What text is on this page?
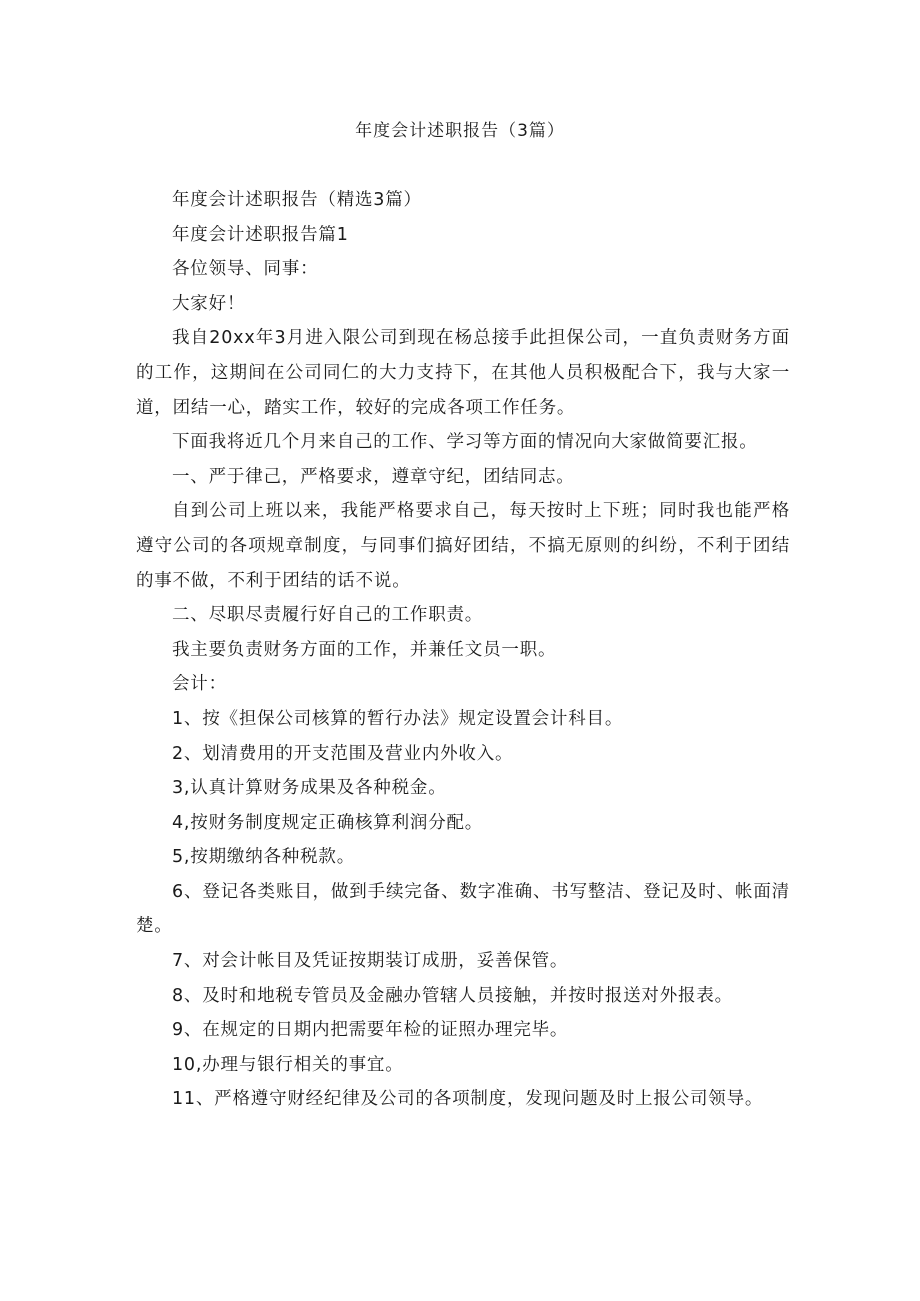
年度会计述职报告（3篇）

年度会计述职报告（精选3篇）

年度会计述职报告篇1

各位领导、同事：

大家好！

我自20xx年3月进入限公司到现在杨总接手此担保公司，一直负责财务方面的工作，这期间在公司同仁的大力支持下，在其他人员积极配合下，我与大家一道，团结一心，踏实工作，较好的完成各项工作任务。

下面我将近几个月来自己的工作、学习等方面的情况向大家做简要汇报。

一、严于律己，严格要求，遵章守纪，团结同志。

自到公司上班以来，我能严格要求自己，每天按时上下班；同时我也能严格遵守公司的各项规章制度，与同事们搞好团结，不搞无原则的纠纷，不利于团结的事不做，不利于团结的话不说。

二、尽职尽责履行好自己的工作职责。

我主要负责财务方面的工作，并兼任文员一职。

会计：

1、按《担保公司核算的暂行办法》规定设置会计科目。

2、划清费用的开支范围及营业内外收入。

3,认真计算财务成果及各种税金。

4,按财务制度规定正确核算利润分配。

5,按期缴纳各种税款。

6、登记各类账目，做到手续完备、数字准确、书写整洁、登记及时、帐面清楚。

7、对会计帐目及凭证按期装订成册，妥善保管。

8、及时和地税专管员及金融办管辖人员接触，并按时报送对外报表。

9、在规定的日期内把需要年检的证照办理完毕。

10,办理与银行相关的事宜。

11、严格遵守财经纪律及公司的各项制度，发现问题及时上报公司领导。
